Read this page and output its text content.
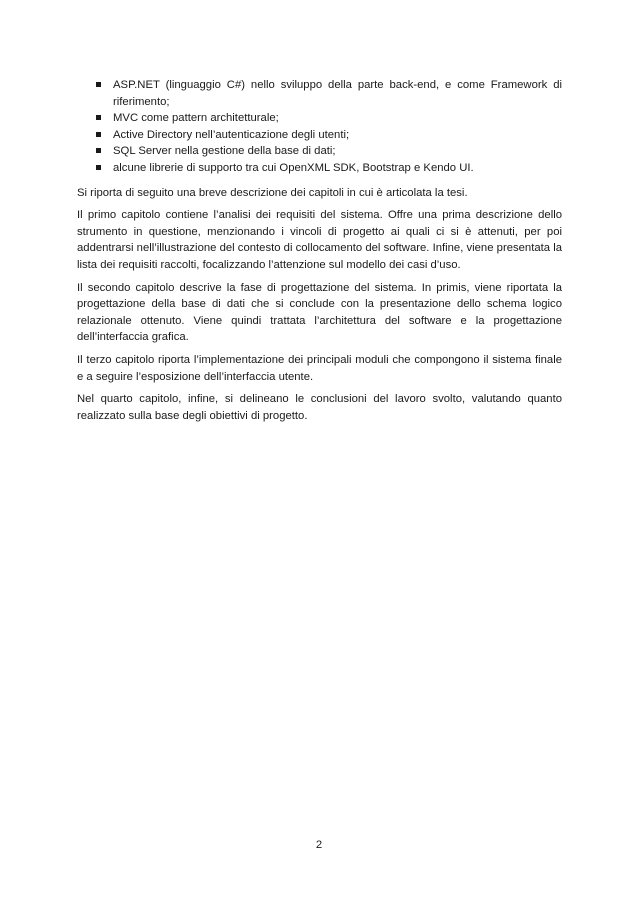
ASP.NET (linguaggio C#) nello sviluppo della parte back-end, e come Framework di riferimento;
MVC come pattern architetturale;
Active Directory nell’autenticazione degli utenti;
SQL Server nella gestione della base di dati;
alcune librerie di supporto tra cui OpenXML SDK, Bootstrap e Kendo UI.

Si riporta di seguito una breve descrizione dei capitoli in cui è articolata la tesi.

Il primo capitolo contiene l’analisi dei requisiti del sistema. Offre una prima descrizione dello strumento in questione, menzionando i vincoli di progetto ai quali ci si è attenuti, per poi addentrarsi nell’illustrazione del contesto di collocamento del software. Infine, viene presentata la lista dei requisiti raccolti, focalizzando l’attenzione sul modello dei casi d’uso.

Il secondo capitolo descrive la fase di progettazione del sistema. In primis, viene riportata la progettazione della base di dati che si conclude con la presentazione dello schema logico relazionale ottenuto. Viene quindi trattata l’architettura del software e la progettazione dell’interfaccia grafica.

Il terzo capitolo riporta l’implementazione dei principali moduli che compongono il sistema finale e a seguire l’esposizione dell’interfaccia utente.

Nel quarto capitolo, infine, si delineano le conclusioni del lavoro svolto, valutando quanto realizzato sulla base degli obiettivi di progetto.

2
